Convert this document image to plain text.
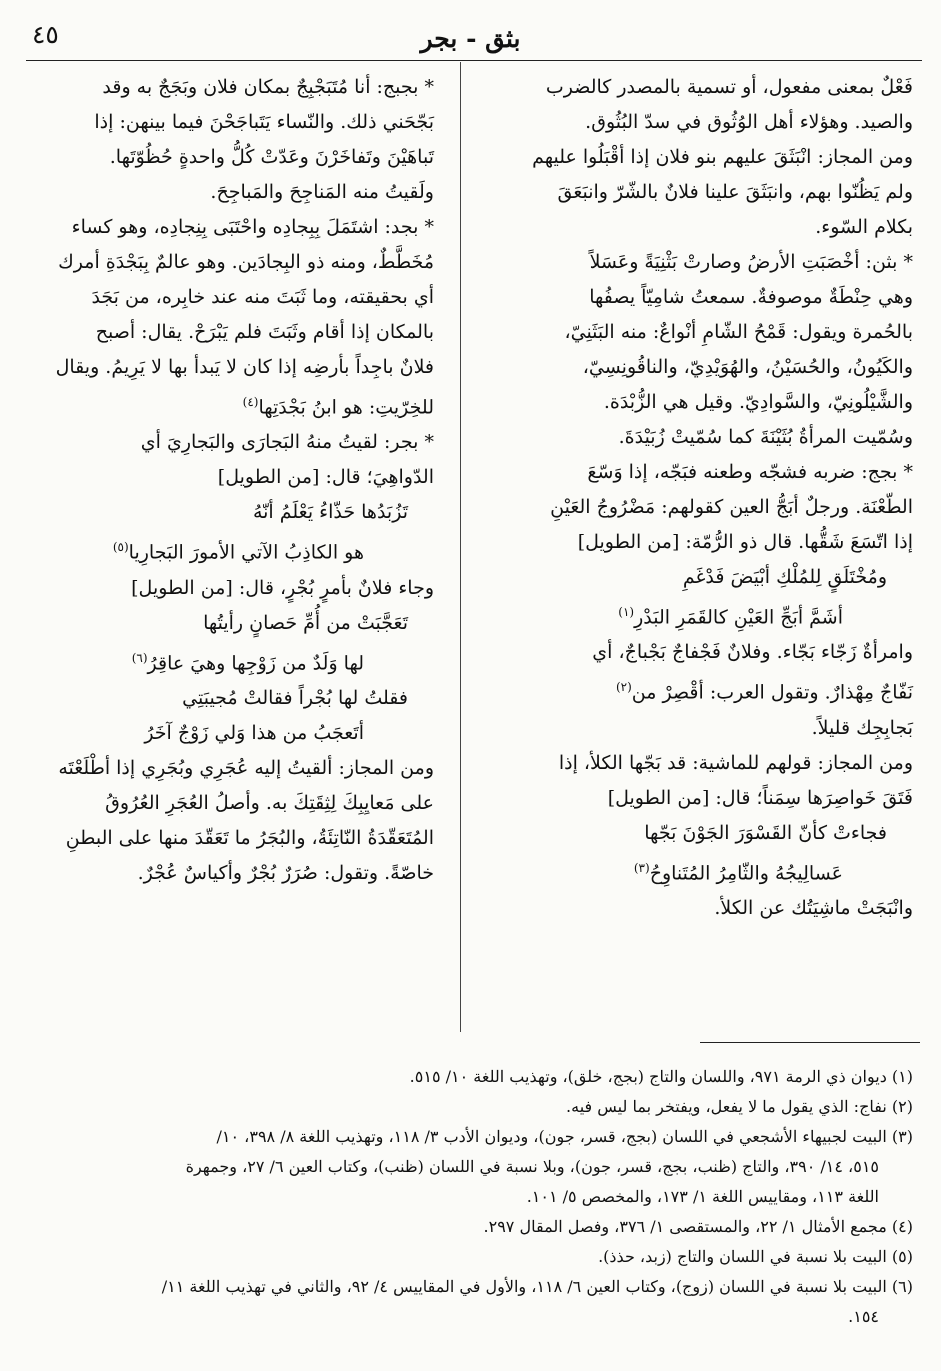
٤٥	بثق - بجر

فَعْلٌ بمعنى مفعول، أو تسمية بالمصدر كالضرب

والصيد. وهؤلاء أهل الوُثُوق في سدّ البُثُوق.

ومن المجاز: انْبَثَقَ عليهم بنو فلان إذا أقْبَلُوا عليهم

ولم يَظُنّوا بهم، وانبَثَقَ علينا فلانٌ بالشّرّ وانبَعَقَ

بكلام السّوء.

* بثن: أخْصَبَتِ الأرضُ وصارتْ بَثْنِيَةً وعَسَلاً

وهي حِنْطَةٌ موصوفةٌ. سمعتُ شامِيّاً يصفُها

بالحُمرة ويقول: قَمْحُ الشّامِ أنْواعٌ: منه البَثَنِيّ،

والكَيُونُ، والحُسَيْنُ، والهُوَيْدِيّ، والناقُونِسِيّ،

والشَّيْلُونِيّ، والسَّوادِيّ. وقيل هي الزُّبْدَة.

وسُمّيت المرأةُ بُثَيْنَةَ كما سُمّيتْ زُبَيْدَةَ.

* بجج: ضربه فشجّه وطعنه فبَجّه، إذا وَسّعَ

الطّعْنَة. ورجلٌ أبَجُّ العين كقولهم: مَضْرُوجُ العَيْنِ

إذا اتّسَعَ شَقُّها. قال ذو الرُّمّة: [من الطويل]

ومُخْتَلَقٍ لِلمُلْكِ أبْيَضَ فَدْغَمِ

أشَمَّ أبَجِّ العَيْنِ كالقَمَرِ البَدْرِ$^{(١)}$

وامرأةٌ زَجّاء بَجّاء. وفلانٌ فَجْفاجٌ بَجْباجٌ، أي

نَفّاجٌ مِهْذارٌ. وتقول العرب: أقْصِرْ من$^{(٢)}$

بَجابِجِك قليلاً.

ومن المجاز: قولهم للماشية: قد بَجّها الكلأ، إذا

فَتَقَ خَواصِرَها سِمَناً؛ قال: [من الطويل]

فجاءتْ كأنّ القَسْوَرَ الجَوْنَ بَجّها

عَسالِيجُهُ والثّامِرُ المُتَناوِحُ$^{(٣)}$

وانْبَجَتْ ماشِيَتُك عن الكلأ.

* بجبج: أنا مُتَبَجْبِجٌ بمكان فلان وبَجَجٌ به وقد

بَجّحَني ذلك. والنّساء يَتَباجَحْنَ فيما بينهن: إذا

تَباهَيْنَ وتَفاخَرْنَ وعَدّتْ كُلُّ واحدةٍ حُظُوّتَها.

ولَقيتُ منه المَناجِحَ والمَباجِحَ.

* بجد: اشتَمَلَ بِبِجادِه واحْتَبَى بِنِجادِه، وهو كساء

مُخَطَّطٌ، ومنه ذو البِجادَين. وهو عالمٌ بِبَجْدَةِ أمرك

أي بحقيقته، وما ثَبَتَ منه عند خابِره، من بَجَدَ

بالمكان إذا أقام وثَبَتَ فلم يَبْرَحْ. يقال: أصبح

فلانٌ باجِداً بأرضِه إذا كان لا يَبدأ بها لا يَرِيمُ. ويقال

للخِرّيتِ: هو ابنُ بَجْدَتِها$^{(٤)}$

* بجر: لقيتُ منهُ البَجارَى والبَجارِيَ أي

الدّواهِيَ؛ قال: [من الطويل]

تَزُبَدُها حَذّاءُ يَعْلَمُ أنّهُ

هو الكاذِبُ الآتي الأمورَ البَجارِيا$^{(٥)}$

وجاء فلانٌ بأمرٍ بُجْرٍ، قال: [من الطويل]

تَعَجَّبَتْ من أُمِّ حَصانٍ رأيتُها

لها وَلَدٌ من زَوْجِها وهيَ عاقِرُ$^{(٦)}$

فقلتُ لها بُجْراً فقالتْ مُجيبَتِي

أتَعجَبُ من هذا وَلي زَوْجٌ آخَرُ

ومن المجاز: ألقيتُ إليه عُجَرِي وبُجَرِي إذا أطْلَعْتَه

على مَعايِبِكَ لِثِقَتِكَ به. وأصلُ العُجَرِ العُرُوقُ

المُتَعَقّدَةُ النّاتِئَةُ، والبُجَرُ ما تَعَقّدَ منها على البطنِ

خاصّةً. وتقول: صُرَرٌ بُجْرٌ وأكياسٌ عُجْرٌ.

(١) ديوان ذي الرمة ٩٧١، واللسان والتاج (بجج، خلق)، وتهذيب اللغة ١٠/ ٥١٥.

(٢) نفاج: الذي يقول ما لا يفعل، ويفتخر بما ليس فيه.

(٣) البيت لجبيهاء الأشجعي في اللسان (بجج، قسر، جون)، وديوان الأدب ٣/ ١١٨، وتهذيب اللغة ٨/ ٣٩٨، ١٠/

٥١٥، ١٤/ ٣٩٠، والتاج (ظنب، بجج، قسر، جون)، وبلا نسبة في اللسان (ظنب)، وكتاب العين ٦/ ٢٧، وجمهرة

اللغة ١١٣، ومقاييس اللغة ١/ ١٧٣، والمخصص ٥/ ١٠١.

(٤) مجمع الأمثال ١/ ٢٢، والمستقصى ١/ ٣٧٦، وفصل المقال ٢٩٧.

(٥) البيت بلا نسبة في اللسان والتاج (زبد، حذذ).

(٦) البيت بلا نسبة في اللسان (زوج)، وكتاب العين ٦/ ١١٨، والأول في المقاييس ٤/ ٩٢، والثاني في تهذيب اللغة ١١/

١٥٤.
